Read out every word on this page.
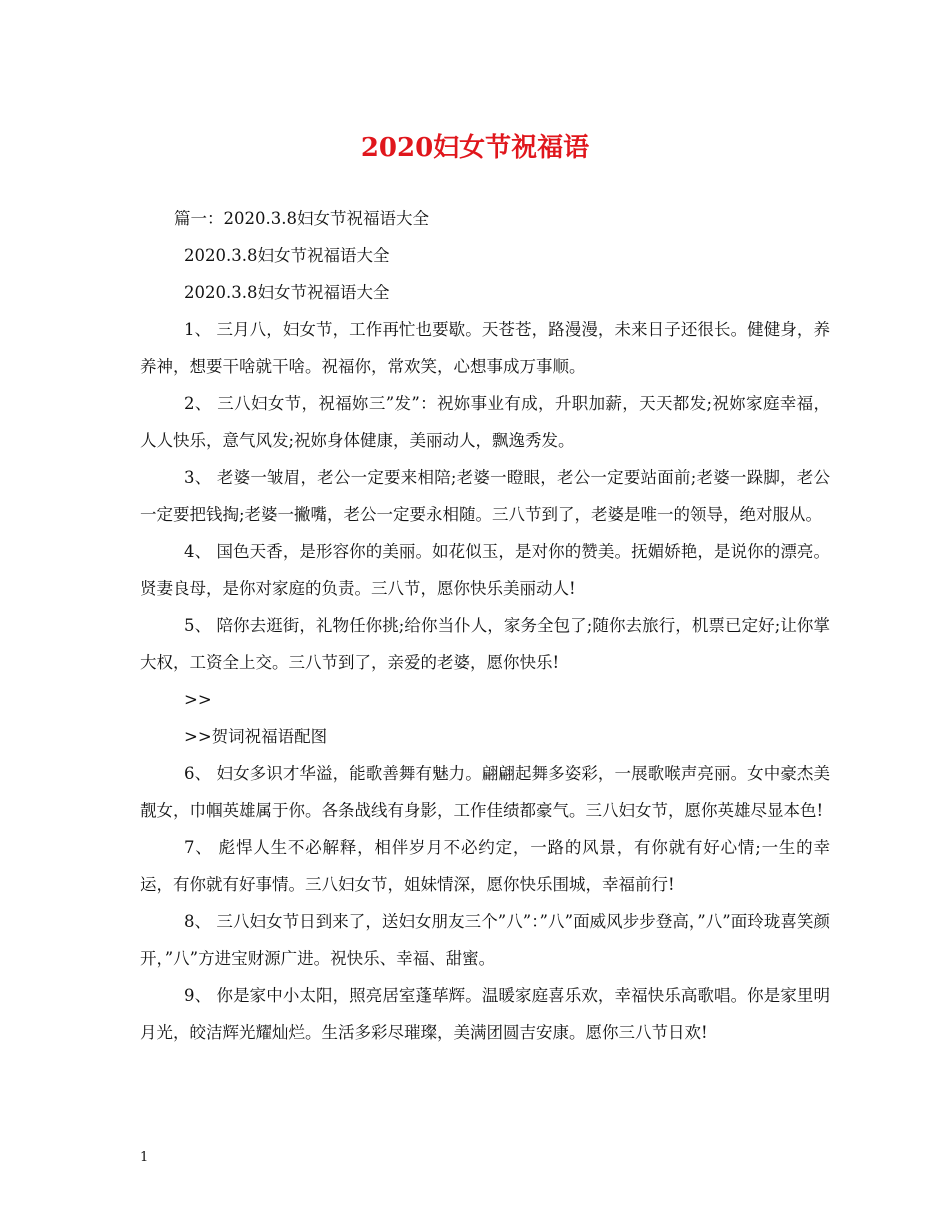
2020妇女节祝福语

篇一：2020.3.8妇女节祝福语大全

2020.3.8妇女节祝福语大全

2020.3.8妇女节祝福语大全

1、 三月八，妇女节，工作再忙也要歇。天苍苍，路漫漫，未来日子还很长。健健身，养养神，想要干啥就干啥。祝福你，常欢笑，心想事成万事顺。

2、 三八妇女节，祝福妳三”发”：祝妳事业有成，升职加薪，天天都发;祝妳家庭幸福，人人快乐，意气风发;祝妳身体健康，美丽动人，飘逸秀发。

3、 老婆一皱眉，老公一定要来相陪;老婆一瞪眼，老公一定要站面前;老婆一跺脚，老公一定要把钱掏;老婆一撇嘴，老公一定要永相随。三八节到了，老婆是唯一的领导，绝对服从。

4、 国色天香，是形容你的美丽。如花似玉，是对你的赞美。抚媚娇艳，是说你的漂亮。贤妻良母，是你对家庭的负责。三八节，愿你快乐美丽动人!

5、 陪你去逛街，礼物任你挑;给你当仆人，家务全包了;随你去旅行，机票已定好;让你掌大权，工资全上交。三八节到了，亲爱的老婆，愿你快乐!

>>

>>贺词祝福语配图

6、 妇女多识才华溢，能歌善舞有魅力。翩翩起舞多姿彩，一展歌喉声亮丽。女中豪杰美靓女，巾帼英雄属于你。各条战线有身影，工作佳绩都豪气。三八妇女节，愿你英雄尽显本色!

7、 彪悍人生不必解释，相伴岁月不必约定，一路的风景，有你就有好心情;一生的幸运，有你就有好事情。三八妇女节，姐妹情深，愿你快乐围城，幸福前行!

8、 三八妇女节日到来了，送妇女朋友三个”八”：”八”面威风步步登高，”八”面玲珑喜笑颜开，”八”方进宝财源广进。祝快乐、幸福、甜蜜。

9、 你是家中小太阳，照亮居室蓬荜辉。温暖家庭喜乐欢，幸福快乐高歌唱。你是家里明月光，皎洁辉光耀灿烂。生活多彩尽璀璨，美满团圆吉安康。愿你三八节日欢!

1
